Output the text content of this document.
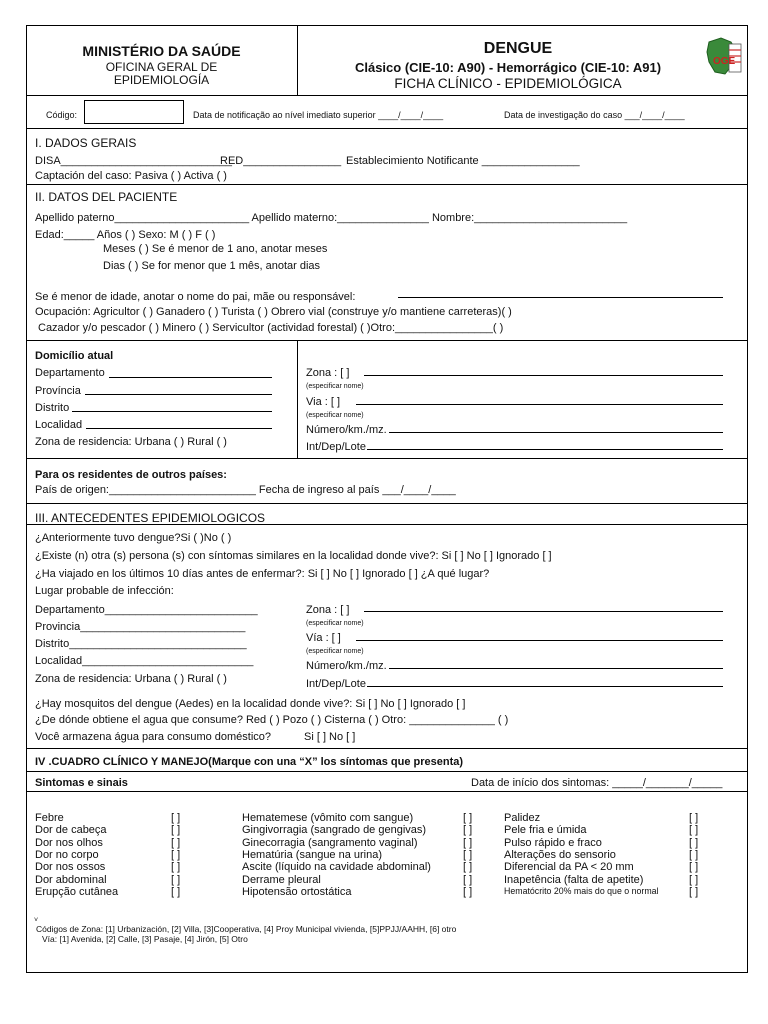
MINISTÉRIO DA SAÚDE
OFICINA GERAL DE
EPIDEMIOLOGÍA
DENGUE
Clásico (CIE-10: A90) - Hemorrágico (CIE-10: A91)
FICHA CLÍNICO - EPIDEMIOLÓGICA
OGE
Código:	Data de notificação ao nível imediato superior ____/____/____	Data de investigação do caso ___/____/____
I. DADOS GERAIS
DISA____________________________
RED________________ Establecimiento Notificante ________________
Captación del caso: Pasiva ( ) Activa ( )
II. DATOS DEL PACIENTE
Apellido paterno______________________ Apellido materno:_______________ Nombre:_________________________
Edad:_____ Años ( ) Sexo: M ( ) F ( )
Meses ( ) Se é menor de 1 ano, anotar meses
Dias ( ) Se for menor que 1 mês, anotar dias
Se é menor de idade, anotar o nome do pai, mãe ou responsável:
Ocupación: Agricultor ( ) Ganadero ( ) Turista ( ) Obrero vial (construye y/o mantiene carreteras)( )
Cazador y/o pescador ( ) Minero ( ) Servicultor (actividad forestal) ( )Otro:________________( )
Domicílio atual
Departamento
Província
Distrito
Localidad
Zona de residencia: Urbana ( ) Rural ( )
Zona : [ ]
(especificar nome)
Via : [ ]
(especificar nome)
Número/km./mz.
Int/Dep/Lote
Para os residentes de outros países:
País de origen:________________________ Fecha de ingreso al país ___/____/____
III. ANTECEDENTES EPIDEMIOLOGICOS
¿Anteriormente tuvo dengue?Si ( )No ( )
¿Existe (n) otra (s) persona (s) con síntomas similares en la localidad donde vive?: Si [ ] No [ ] Ignorado [ ]
¿Ha viajado en los últimos 10 días antes de enfermar?: Si [ ] No [ ] Ignorado [ ] ¿A qué lugar?
Lugar probable de infección:
Departamento_________________________
Provincia___________________________
Distrito_____________________________
Localidad____________________________
Zona de residencia: Urbana ( ) Rural ( )
Zona : [ ]
(especificar nome)
Vía : [ ]
(especificar nome)
Número/km./mz.
Int/Dep/Lote
¿Hay mosquitos del dengue (Aedes) en la localidad donde vive?: Si [ ] No [ ] Ignorado [ ]
¿De dónde obtiene el agua que consume? Red ( ) Pozo ( ) Cisterna ( ) Otro: ______________ ( )
Você armazena água para consumo doméstico?	Si [ ] No [ ]
IV .CUADRO CLÍNICO Y MANEJO(Marque con una “X” los síntomas que presenta)
Sintomas e sinais	Data de início dos sintomas: _____/_______/_____
Febre	[ ]
Dor de cabeça	[ ]
Dor nos olhos	[ ]
Dor no corpo	[ ]
Dor nos ossos	[ ]
Dor abdominal	[ ]
Erupção cutânea	[ ]
Hematemese (vômito com sangue)	[ ]
Gingivorragia (sangrado de gengivas)	[ ]
Ginecorragia (sangramento vaginal)	[ ]
Hematúria (sangue na urina)	[ ]
Ascite (líquido na cavidade abdominal)	[ ]
Derrame pleural	[ ]
Hipotensão ortostática	[ ]
Palidez	[ ]
Pele fria e úmida	[ ]
Pulso rápido e fraco	[ ]
Alterações do sensorio	[ ]
Diferencial da PA < 20 mm	[ ]
Inapetência (falta de apetite)	[ ]
Hematócrito 20% mais do que o normal	[ ]
˅
Códigos de Zona: [1] Urbanización, [2] Villa, [3]Cooperativa, [4] Proy Municipal vivienda, [5]PPJJ/AAHH, [6] otro
Vía: [1] Avenida, [2] Calle, [3] Pasaje, [4] Jirón, [5] Otro
